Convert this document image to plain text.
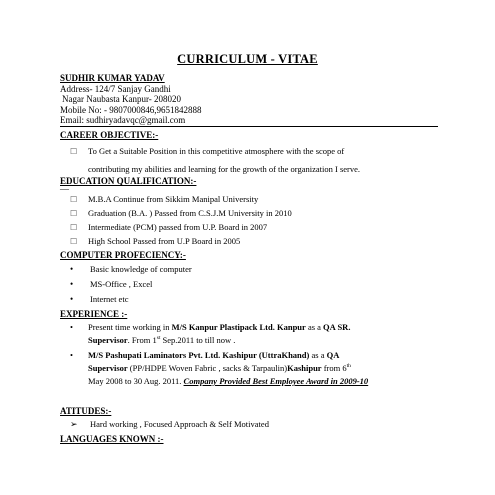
CURRICULUM - VITAE
SUDHIR KUMAR YADAV
Address- 124/7 Sanjay Gandhi
Nagar Naubasta Kanpur- 208020
Mobile No: - 9807000846,9651842888
Email: sudhiryadavqc@gmail.com
CAREER OBJECTIVE:-
☐ To Get a Suitable Position in this competitive atmosphere with the scope of
contributing my abilities and learning for the growth of the organization I serve.
EDUCATION QUALIFICATION:-
—
☐ M.B.A Continue from Sikkim Manipal University
☐ Graduation (B.A. ) Passed from C.S.J.M University in 2010
☐ Intermediate (PCM) passed from U.P. Board in 2007
☐ High School Passed from U.P Board in 2005
COMPUTER PROFECIENCY:-
• Basic knowledge of computer
• MS-Office , Excel
• Internet etc
EXPERIENCE :-
• Present time working in M/S Kanpur Plastipack Ltd. Kanpur as a QA SR.
Supervisor. From 1st Sep.2011 to till now .
• M/S Pashupati Laminators Pvt. Ltd. Kashipur (UttraKhand) as a QA
Supervisor (PP/HDPE Woven Fabric , sacks & Tarpaulin)Kashipur from 6th
May 2008 to 30 Aug. 2011. Company Provided Best Employee Award in 2009-10
ATITUDES:-
➢ Hard working , Focused Approach & Self Motivated
LANGUAGES KNOWN :-
